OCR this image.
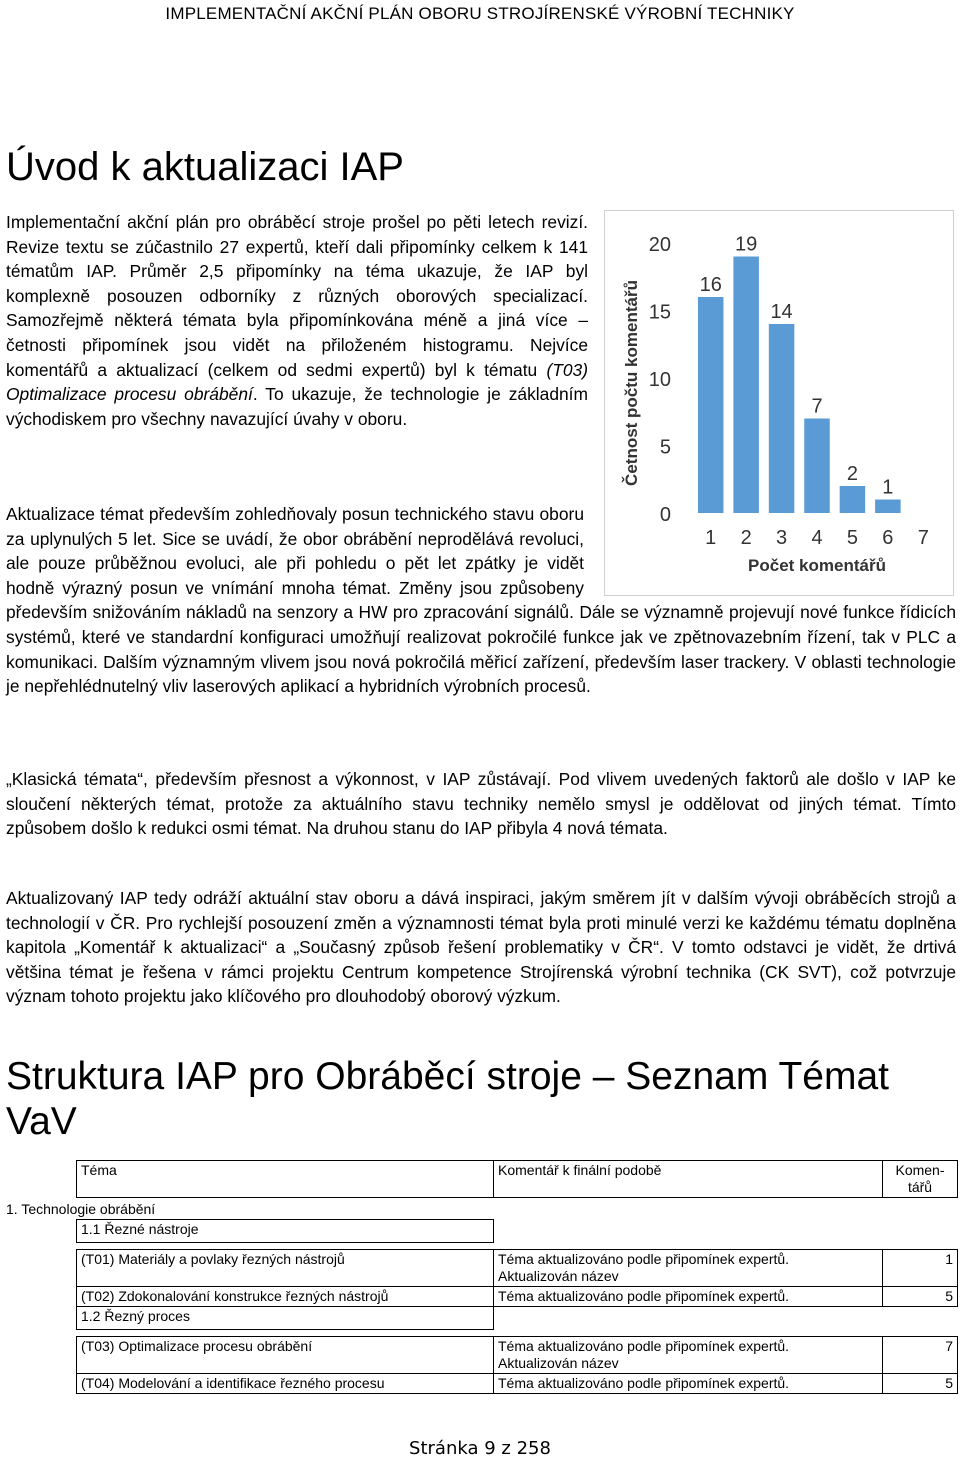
IMPLEMENTAČNÍ AKČNÍ PLÁN OBORU STROJÍRENSKÉ VÝROBNÍ TECHNIKY
Úvod k aktualizaci IAP

Implementační akční plán pro obráběcí stroje prošel po pěti letech revizí. Revize textu se zúčastnilo 27 expertů, kteří dali připomínky celkem k 141 tématům IAP. Průměr 2,5 připomínky na téma ukazuje, že IAP byl komplexně posouzen odborníky z různých oborových specializací. Samozřejmě některá témata byla připomínkována méně a jiná více – četnosti připomínek jsou vidět na přiloženém histogramu. Nejvíce komentářů a aktualizací (celkem od sedmi expertů) byl k tématu (T03) Optimalizace procesu obrábění. To ukazuje, že technologie je základním východiskem pro všechny navazující úvahy v oboru.

0
5
10
15
20
16
19
14
7
2
1
1 2 3 4 5 6 7
Počet komentářů
Četnost počtu komentářů

Aktualizace témat především zohledňovaly posun technického stavu oboru za uplynulých 5 let. Sice se uvádí, že obor obrábění neprodělává revoluci, ale pouze průběžnou evoluci, ale při pohledu o pět let zpátky je vidět hodně výrazný posun ve vnímání mnoha témat. Změny jsou způsobeny především snižováním nákladů na senzory a HW pro zpracování signálů. Dále se významně projevují nové funkce řídicích systémů, které ve standardní konfiguraci umožňují realizovat pokročilé funkce jak ve zpětnovazebním řízení, tak v PLC a komunikaci. Dalším významným vlivem jsou nová pokročilá měřicí zařízení, především laser trackery. V oblasti technologie je nepřehlédnutelný vliv laserových aplikací a hybridních výrobních procesů.

„Klasická témata“, především přesnost a výkonnost, v IAP zůstávají. Pod vlivem uvedených faktorů ale došlo v IAP ke sloučení některých témat, protože za aktuálního stavu techniky nemělo smysl je oddělovat od jiných témat. Tímto způsobem došlo k redukci osmi témat. Na druhou stanu do IAP přibyla 4 nová témata.

Aktualizovaný IAP tedy odráží aktuální stav oboru a dává inspiraci, jakým směrem jít v dalším vývoji obráběcích strojů a technologií v ČR. Pro rychlejší posouzení změn a významnosti témat byla proti minulé verzi ke každému tématu doplněna kapitola „Komentář k aktualizaci“ a „Současný způsob řešení problematiky v ČR“. V tomto odstavci je vidět, že drtivá většina témat je řešena v rámci projektu Centrum kompetence Strojírenská výrobní technika (CK SVT), což potvrzuje význam tohoto projektu jako klíčového pro dlouhodobý oborový výzkum.

Struktura IAP pro Obráběcí stroje – Seznam Témat VaV
	Téma	Komentář k finální podobě	Komen-tářů
1. Technologie obrábění			
	1.1 Řezné nástroje		

	(T01) Materiály a povlaky řezných nástrojů	Téma aktualizováno podle připomínek expertů.
Aktualizován název	1
	(T02) Zdokonalování konstrukce řezných nástrojů	Téma aktualizováno podle připomínek expertů.	5
	1.2 Řezný proces		

	(T03) Optimalizace procesu obrábění	Téma aktualizováno podle připomínek expertů.
Aktualizován název	7
	(T04) Modelování a identifikace řezného procesu	Téma aktualizováno podle připomínek expertů.	5
Stránka 9 z 258
